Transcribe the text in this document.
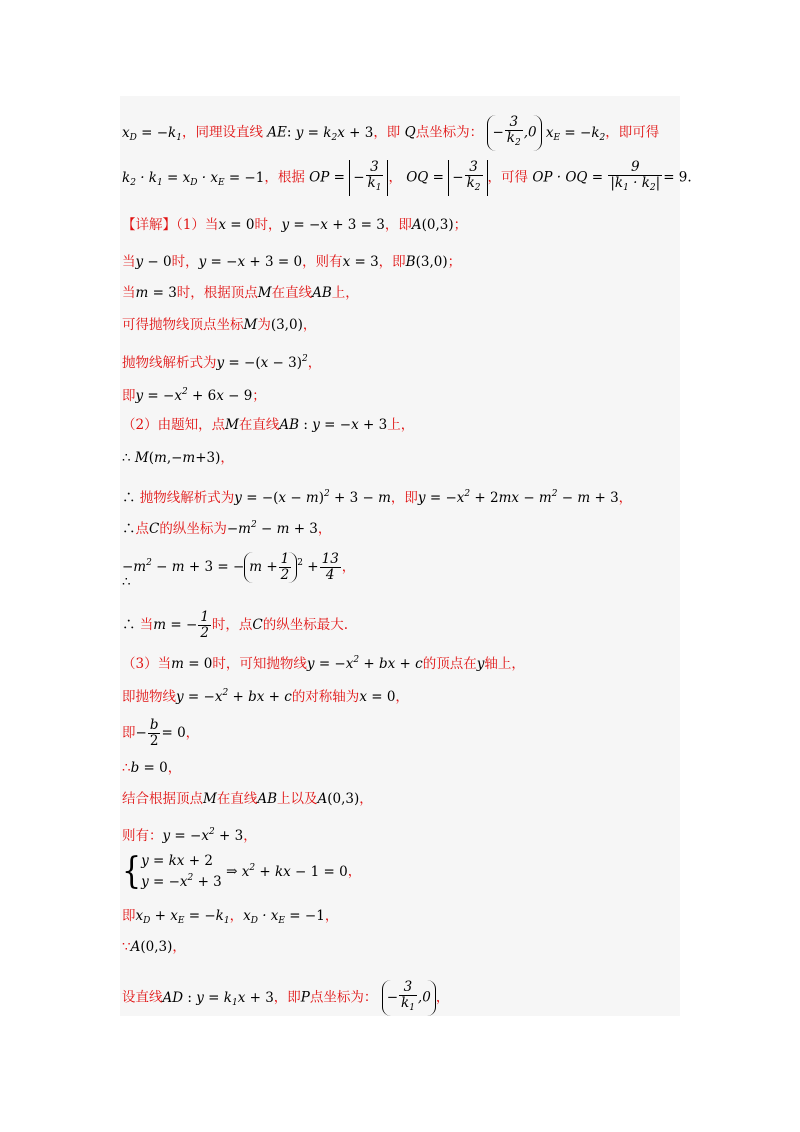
$x_D = -k_1$，同理设直线 AE: $y = k_2x + 3$，即 Q点坐标为： − $\frac{3}{k_2} ,0$ $x_E = -k_2$，即可得
$k_2 \cdot k_1 = x_D \cdot x_E = -1$，根据 OP = − $\frac{3}{k_1}$ ， OQ = − $\frac{3}{k_2}$ ，可得 OP · OQ = $\frac{9}{|k_1 \cdot k_2|} = 9$.
【详解】（1）当x = 0时，y = −x + 3 = 3，即A(0,3)；
当y − 0时，y = −x + 3 = 0，则有x = 3，即B(3,0)；
当m = 3时，根据顶点M在直线AB上，
可得抛物线顶点坐标M为(3,0)，
抛物线解析式为$y = -(x - 3)^2$，
即$y = -x^2 + 6x - 9$；
（2）由题知，点M在直线AB : y = −x + 3上，
∴ M(m,−m+3)，
∴ 抛物线解析式为$y = -(x - m)^2 + 3 - m$，即$y = -x^2 + 2mx - m^2 - m + 3$，
∴点C的纵坐标为$-m^2 - m + 3$，
$-m^2 - m + 3$ = − $m + \frac{1}{2} ^2 + \frac{13}{4}$ ，
∴
∴ 当m = − $\frac{1}{2}$ 时，点C的纵坐标最大.
（3）当m = 0时，可知抛物线$y = -x^2$ + bx + c的顶点在y轴上，
即抛物线$y = -x^2$ + bx + c的对称轴为x = 0，
即− $\frac{b}{2} = 0$，
∴b = 0，
结合根据顶点M在直线AB上以及A(0,3)，
则有：$y = -x^2 + 3$，
{y = kx + 2
$y = -x^2 + 3$ ⇒ $x^2$ + kx − 1 = 0，
即$x_D + x_E = -k_1$，$x_D \cdot x_E = -1$，
∵A(0,3)，
设直线AD : $y = k_1x + 3$，即P点坐标为： − $\frac{3}{k_1} ,0$ ，
